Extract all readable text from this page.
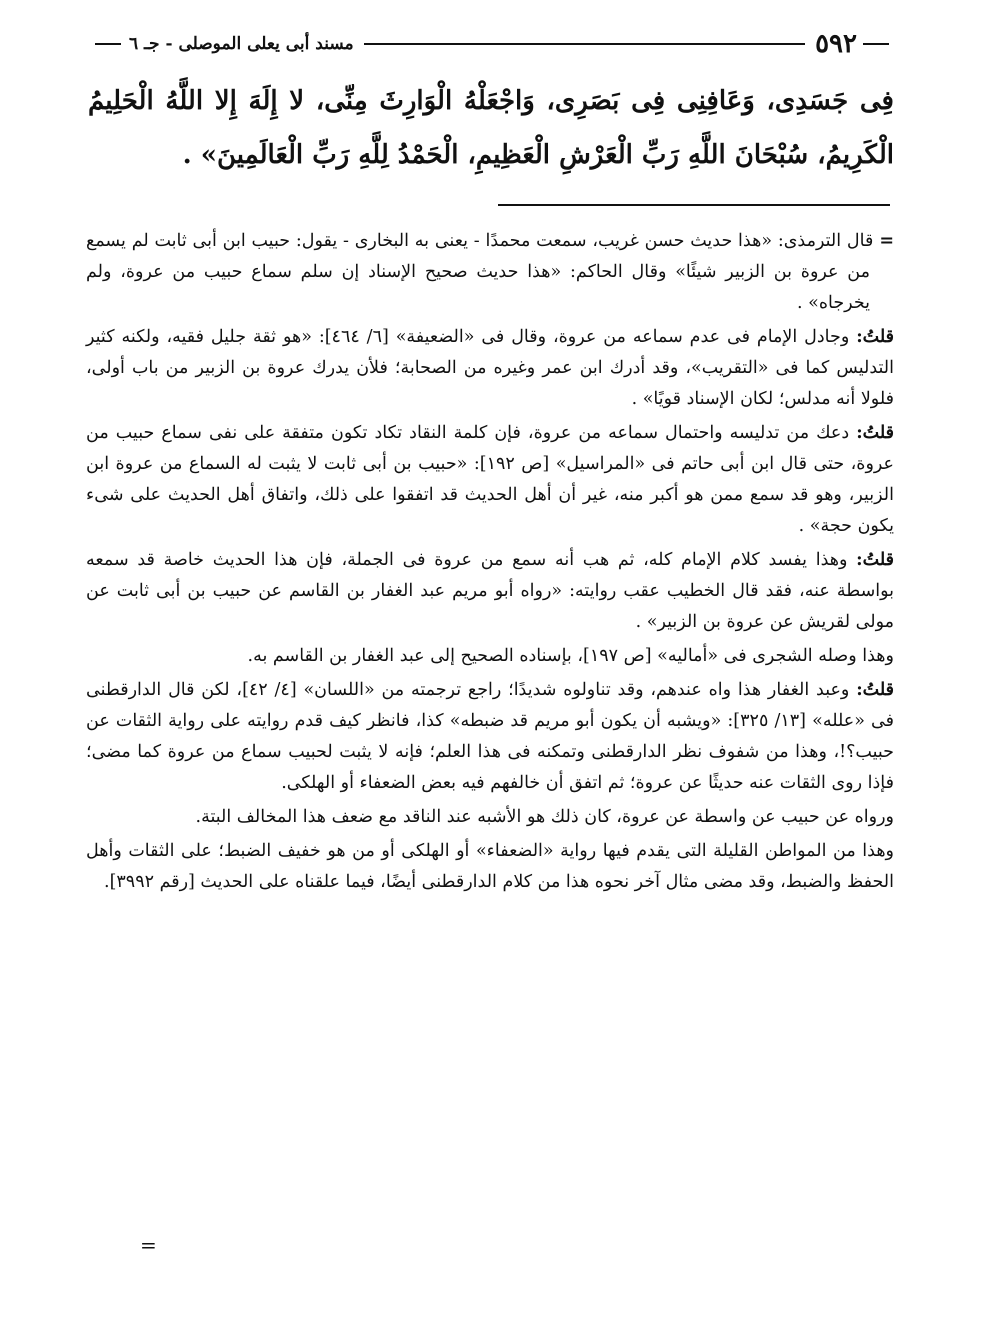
٥٩٢
مسند أبى يعلى الموصلى - جـ ٦
فِى جَسَدِى، وَعَافِنِى فِى بَصَرِى، وَاجْعَلْهُ الْوَارِثَ مِنِّى، لا إِلَهَ إِلا اللَّهُ الْحَلِيمُ الْكَرِيمُ، سُبْحَانَ اللَّهِ رَبِّ الْعَرْشِ الْعَظِيمِ، الْحَمْدُ لِلَّهِ رَبِّ الْعَالَمِينَ» .

=قال الترمذى: «هذا حديث حسن غريب، سمعت محمدًا - يعنى به البخارى - يقول: حبيب ابن أبى ثابت لم يسمع من عروة بن الزبير شيئًا» وقال الحاكم: «هذا حديث صحيح الإسناد إن سلم سماع حبيب من عروة، ولم يخرجاه» .

قلتُ: وجادل الإمام فى عدم سماعه من عروة، وقال فى «الضعيفة» [٦/ ٤٦٤]: «هو ثقة جليل فقيه، ولكنه كثير التدليس كما فى «التقريب»، وقد أدرك ابن عمر وغيره من الصحابة؛ فلأن يدرك عروة بن الزبير من باب أولى، فلولا أنه مدلس؛ لكان الإسناد قويًا» .

قلتُ: دعك من تدليسه واحتمال سماعه من عروة، فإن كلمة النقاد تكاد تكون متفقة على نفى سماع حبيب من عروة، حتى قال ابن أبى حاتم فى «المراسيل» [ص ١٩٢]: «حبيب بن أبى ثابت لا يثبت له السماع من عروة ابن الزبير، وهو قد سمع ممن هو أكبر منه، غير أن أهل الحديث قد اتفقوا على ذلك، واتفاق أهل الحديث على شىء يكون حجة» .

قلتُ: وهذا يفسد كلام الإمام كله، ثم هب أنه سمع من عروة فى الجملة، فإن هذا الحديث خاصة قد سمعه بواسطة عنه، فقد قال الخطيب عقب روايته: «رواه أبو مريم عبد الغفار بن القاسم عن حبيب بن أبى ثابت عن مولى لقريش عن عروة بن الزبير» .

وهذا وصله الشجرى فى «أماليه» [ص ١٩٧]، بإسناده الصحيح إلى عبد الغفار بن القاسم به.

قلتُ: وعبد الغفار هذا واه عندهم، وقد تناولوه شديدًا؛ راجع ترجمته من «اللسان» [٤/ ٤٢]، لكن قال الدارقطنى فى «علله» [١٣/ ٣٢٥]: «ويشبه أن يكون أبو مريم قد ضبطه» كذا، فانظر كيف قدم روايته على رواية الثقات عن حبيب؟!، وهذا من شفوف نظر الدارقطنى وتمكنه فى هذا العلم؛ فإنه لا يثبت لحبيب سماع من عروة كما مضى؛ فإذا روى الثقات عنه حديثًا عن عروة؛ ثم اتفق أن خالفهم فيه بعض الضعفاء أو الهلكى.

ورواه عن حبيب عن واسطة عن عروة، كان ذلك هو الأشبه عند الناقد مع ضعف هذا المخالف البتة.

وهذا من المواطن القليلة التى يقدم فيها رواية «الضعفاء» أو الهلكى أو من هو خفيف الضبط؛ على الثقات وأهل الحفظ والضبط، وقد مضى مثال آخر نحوه هذا من كلام الدارقطنى أيضًا، فيما علقناه على الحديث [رقم ٣٩٩٢].

=
